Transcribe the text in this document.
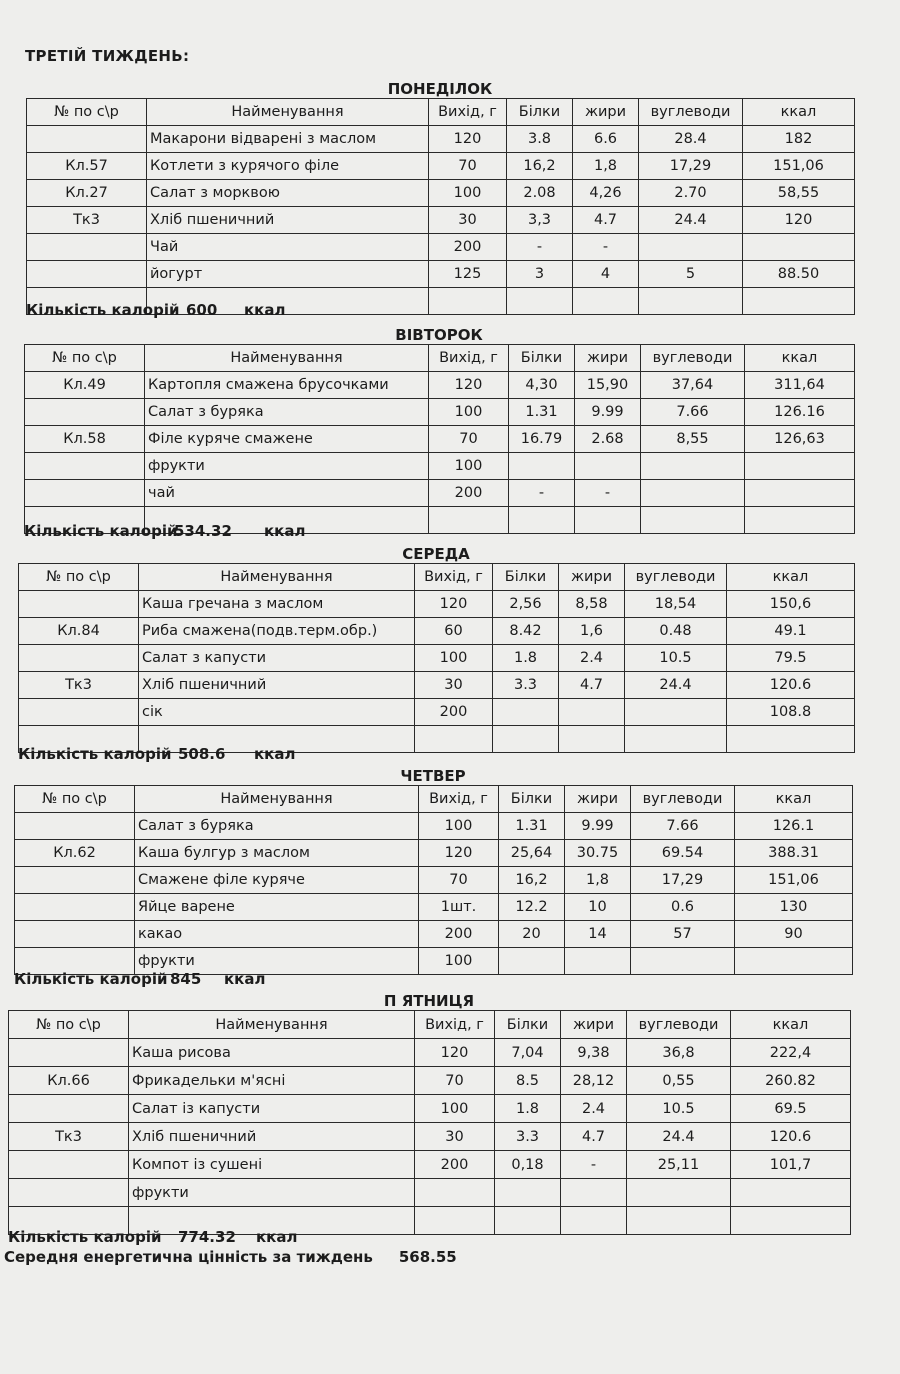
ТРЕТІЙ ТИЖДЕНЬ:
ПОНЕДІЛОК
№ по с\р	Найменування	Вихід, г	Білки	жири	вуглеводи	ккал
	Макарони відварені з маслом	120	3.8	6.6	28.4	182
Кл.57	Котлети з курячого філе	70	16,2	1,8	17,29	151,06
Кл.27	Салат з морквою	100	2.08	4,26	2.70	58,55
Тк3	Хліб пшеничний	30	3,3	4.7	24.4	120
	Чай	200	-	-		
	йогурт	125	3	4	5	88.50

Кількість калорій 600 ккал
ВІВТОРОК
№ по с\р	Найменування	Вихід, г	Білки	жири	вуглеводи	ккал
Кл.49	Картопля смажена брусочками	120	4,30	15,90	37,64	311,64
	Салат з буряка	100	1.31	9.99	7.66	126.16
Кл.58	Філе куряче смажене	70	16.79	2.68	8,55	126,63
	фрукти	100				
	чай	200	-	-		

Кількість калорій
534.32 ккал
СЕРЕДА
№ по с\р	Найменування	Вихід, г	Білки	жири	вуглеводи	ккал
	Каша гречана з маслом	120	2,56	8,58	18,54	150,6
Кл.84	Риба смажена(подв.терм.обр.)	60	8.42	1,6	0.48	49.1
	Салат з капусти	100	1.8	2.4	10.5	79.5
Тк3	Хліб пшеничний	30	3.3	4.7	24.4	120.6
	сік	200				108.8

Кількість калорій 508.6 ккал
ЧЕТВЕР
№ по с\р	Найменування	Вихід, г	Білки	жири	вуглеводи	ккал
	Салат з буряка	100	1.31	9.99	7.66	126.1
Кл.62	Каша булгур з маслом	120	25,64	30.75	69.54	388.31
	Смажене філе куряче	70	16,2	1,8	17,29	151,06
	Яйце варене	1шт.	12.2	10	0.6	130
	какао	200	20	14	57	90
	фрукти	100				
Кількість калорій 845 ккал
П ЯТНИЦЯ
№ по с\р	Найменування	Вихід, г	Білки	жири	вуглеводи	ккал
	Каша рисова	120	7,04	9,38	36,8	222,4
Кл.66	Фрикадельки м'ясні	70	8.5	28,12	0,55	260.82
	Салат із капусти	100	1.8	2.4	10.5	69.5
Тк3	Хліб пшеничний	30	3.3	4.7	24.4	120.6
	Компот із сушені	200	0,18	-	25,11	101,7
	фрукти					

Кількість калорій 774.32 ккал
Середня енергетична цінність за тиждень 568.55
